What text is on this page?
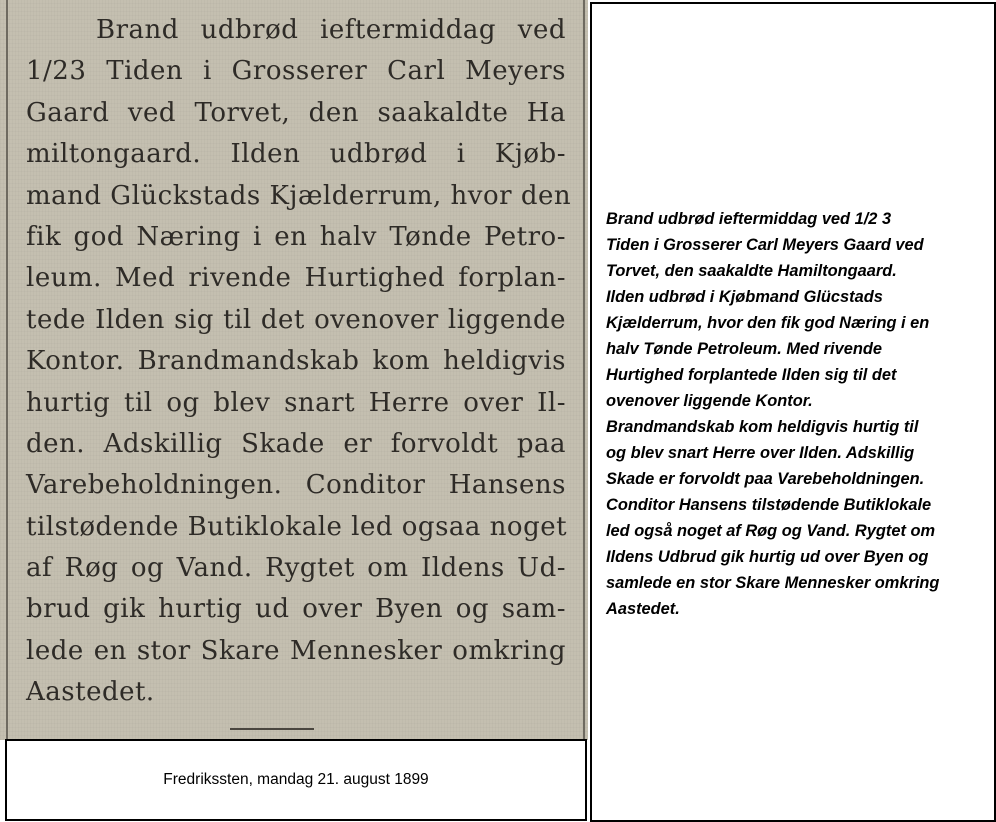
Brand udbrød ieftermiddag ved
1/23 Tiden i Grosserer Carl Meyers
Gaard ved Torvet, den saakaldte Ha
miltongaard. Ilden udbrød i Kjøb-
mand Glückstads Kjælderrum, hvor den
fik god Næring i en halv Tønde Petro-
leum. Med rivende Hurtighed forplan-
tede Ilden sig til det ovenover liggende
Kontor. Brandmandskab kom heldigvis
hurtig til og blev snart Herre over Il-
den. Adskillig Skade er forvoldt paa
Varebeholdningen. Conditor Hansens
tilstødende Butiklokale led ogsaa noget
af Røg og Vand. Rygtet om Ildens Ud-
brud gik hurtig ud over Byen og sam-
lede en stor Skare Mennesker omkring
Aastedet.
Fredrikssten, mandag 21. august 1899
Brand udbrød ieftermiddag ved 1/2 3
Tiden i Grosserer Carl Meyers Gaard ved
Torvet, den saakaldte Hamiltongaard.
Ilden udbrød i Kjøbmand Glücstads
Kjælderrum, hvor den fik god Næring i en
halv Tønde Petroleum. Med rivende
Hurtighed forplantede Ilden sig til det
ovenover liggende Kontor.
Brandmandskab kom heldigvis hurtig til
og blev snart Herre over Ilden. Adskillig
Skade er forvoldt paa Varebeholdningen.
Conditor Hansens tilstødende Butiklokale
led også noget af Røg og Vand. Rygtet om
Ildens Udbrud gik hurtig ud over Byen og
samlede en stor Skare Mennesker omkring
Aastedet.
